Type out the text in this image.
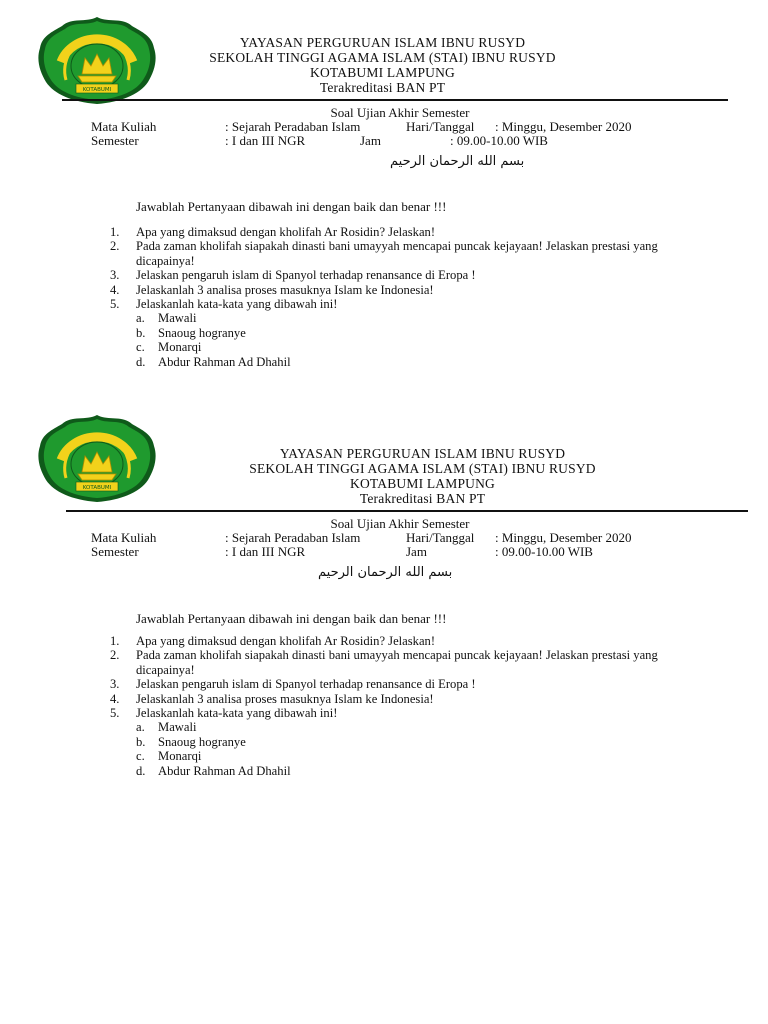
KOTABUMI
YAYASAN PERGURUAN ISLAM IBNU RUSYD
SEKOLAH TINGGI AGAMA ISLAM (STAI) IBNU RUSYD
KOTABUMI LAMPUNG
Terakreditasi BAN PT
Soal Ujian Akhir Semester
Mata Kuliah	: Sejarah Peradaban Islam	Hari/Tanggal : Minggu, Desember 2020
Semester	: I dan III NGR	Jam	: 09.00-10.00 WIB
بسم الله الرحمان الرحيم
Jawablah Pertanyaan dibawah ini dengan baik dan benar !!!
1. Apa yang dimaksud dengan kholifah Ar Rosidin? Jelaskan!
2. Pada zaman kholifah siapakah dinasti bani umayyah mencapai puncak kejayaan! Jelaskan prestasi yang dicapainya!
3. Jelaskan pengaruh islam di Spanyol terhadap renansance di Eropa !
4. Jelaskanlah 3 analisa proses masuknya Islam ke Indonesia!
5. Jelaskanlah kata-kata yang dibawah ini!
a. Mawali
b. Snaoug hogranye
c. Monarqi
d. Abdur Rahman Ad Dhahil
KOTABUMI
YAYASAN PERGURUAN ISLAM IBNU RUSYD
SEKOLAH TINGGI AGAMA ISLAM (STAI) IBNU RUSYD
KOTABUMI LAMPUNG
Terakreditasi BAN PT
Soal Ujian Akhir Semester
Mata Kuliah	: Sejarah Peradaban Islam	Hari/Tanggal : Minggu, Desember 2020
Semester	: I dan III NGR	Jam	: 09.00-10.00 WIB
بسم الله الرحمان الرحيم
Jawablah Pertanyaan dibawah ini dengan baik dan benar !!!
1. Apa yang dimaksud dengan kholifah Ar Rosidin? Jelaskan!
2. Pada zaman kholifah siapakah dinasti bani umayyah mencapai puncak kejayaan! Jelaskan prestasi yang dicapainya!
3. Jelaskan pengaruh islam di Spanyol terhadap renansance di Eropa !
4. Jelaskanlah 3 analisa proses masuknya Islam ke Indonesia!
5. Jelaskanlah kata-kata yang dibawah ini!
a. Mawali
b. Snaoug hogranye
c. Monarqi
d. Abdur Rahman Ad Dhahil
